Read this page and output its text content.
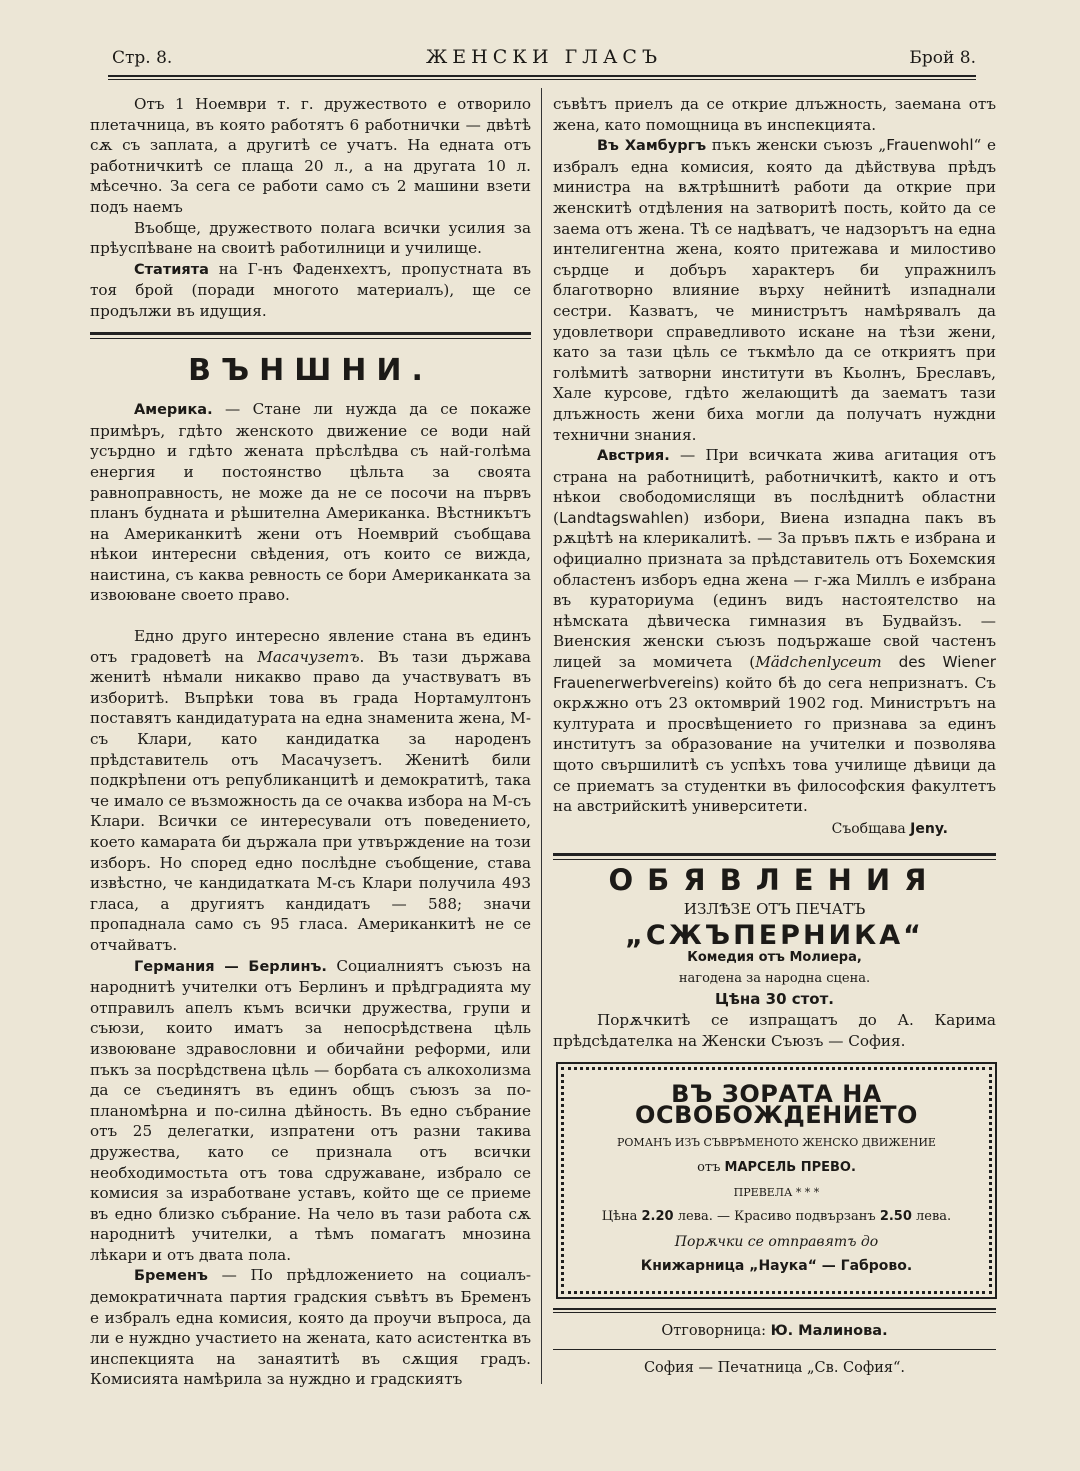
Стр. 8.	ЖЕНСКИ ГЛАСЪ	Брой 8.

Отъ 1 Ноември т. г. дружеството е отворило плетачница, въ която работятъ 6 работнички — двѣтѣ сѫ съ заплата, а другитѣ се учатъ. На едната отъ работничкитѣ се плаща 20 л., а на другата 10 л. мѣсечно. За сега се работи само съ 2 машини взети подъ наемъ

Въобще, дружеството полага всички усилия за прѣуспѣване на своитѣ работилници и училище.

Статията на Г-нъ Фаденхехтъ, пропустната въ тоя брой (поради многото материалъ), ще се продължи въ идущия.

ВЪНШНИ.

Америка. — Стане ли нужда да се покаже примѣръ, гдѣто женското движение се води най усърдно и гдѣто жената прѣслѣдва съ най-голѣма енергия и постоянство цѣльта за своята равноправность, не може да не се посочи на първъ планъ будната и рѣшителна Американка. Вѣстникътъ на Американкитѣ жени отъ Ноемврий съобщава нѣкои интересни свѣдения, отъ които се вижда, наистина, съ каква ревность се бори Американката за извоюване своето право.

Едно друго интересно явление стана въ единъ отъ градоветѣ на Масачузетъ. Въ тази държава женитѣ нѣмали никакво право да участвуватъ въ изборитѣ. Въпрѣки това въ града Нортамултонъ поставятъ кандидатурата на една знаменита жена, М-съ Клари, като кандидатка за народенъ прѣдставитель отъ Масачузетъ. Женитѣ били подкрѣпени отъ републиканцитѣ и демократитѣ, така че имало се възможность да се очаква избора на М-съ Клари. Всички се интересували отъ поведението, което камарата би държала при утвърждение на този изборъ. Но според едно послѣдне съобщение, става извѣстно, че кандидатката М-съ Клари получила 493 гласа, а другиятъ кандидатъ — 588; значи пропаднала само съ 95 гласа. Американкитѣ не се отчайватъ.

Германия — Берлинъ. Социалниятъ съюзъ на народнитѣ учителки отъ Берлинъ и прѣдградията му отправилъ апелъ къмъ всички дружества, групи и съюзи, които иматъ за непосрѣдствена цѣль извоюване здравословни и обичайни реформи, или пъкъ за посрѣдствена цѣль — борбата съ алкохолизма да се съединятъ въ единъ общъ съюзъ за по-планомѣрна и по-силна дѣйность. Въ едно събрание отъ 25 делегатки, изпратени отъ разни такива дружества, като се признала отъ всички необходимостьта отъ това сдружаване, избрало се комисия за изработване уставъ, който ще се приеме въ едно близко събрание. На чело въ тази работа сѫ народнитѣ учителки, а тѣмъ помагатъ мнозина лѣкари и отъ двата пола.

Бременъ — По прѣдложението на социалъ-демократичната партия градския съвѣтъ въ Бременъ е избралъ една комисия, която да проучи въпроса, да ли е нуждно участието на жената, като асистентка въ инспекцията на занаятитѣ въ сѫщия градъ. Комисията намѣрила за нуждно и градскиятъ

съвѣтъ приелъ да се открие длъжность, заемана отъ жена, като помощница въ инспекцията.

Въ Хамбургъ пъкъ женски съюзъ „Frauenwohl“ е избралъ една комисия, която да дѣйствува прѣдъ министра на вѫтрѣшнитѣ работи да открие при женскитѣ отдѣления на затворитѣ пость, който да се заема отъ жена. Тѣ се надѣватъ, че надзорътъ на една интелигентна жена, която притежава и милостиво сърдце и добъръ характеръ би упражнилъ благотворно влияние върху нейнитѣ изпаднали сестри. Казватъ, че министрътъ намѣрявалъ да удовлетвори справедливото искане на тѣзи жени, като за тази цѣль се тъкмѣло да се откриятъ при голѣмитѣ затворни институти въ Кьолнъ, Бреславъ, Хале курсове, гдѣто желающитѣ да заематъ тази длъжность жени биха могли да получатъ нуждни технични знания.

Австрия. — При всичката жива агитация отъ страна на работницитѣ, работничкитѣ, както и отъ нѣкои свободомислящи въ послѣднитѣ областни (Landtagswahlen) избори, Виена изпадна пакъ въ рѫцѣтѣ на клерикалитѣ. — За пръвъ пѫть е избрана и официално призната за прѣдставитель отъ Бохемския областенъ изборъ една жена — г-жа Миллъ е избрана въ кураториума (единъ видъ настоятелство на нѣмската дѣвическа гимназия въ Будвайзъ. — Виенския женски съюзъ подържаше свой частенъ лицей за момичета (Mädchenlyceum des Wiener Frauenerwerbvereins) който бѣ до сега непризнатъ. Съ окрѫжно отъ 23 октомврий 1902 год. Министрътъ на културата и просвѣщението го признава за единъ институтъ за образование на учителки и позволява щото свършилитѣ съ успѣхъ това училище дѣвици да се приематъ за студентки въ философския факултетъ на австрийскитѣ университети.

Съобщава Jeny.
ОБЯВЛЕНИЯ
ИЗЛѢЗЕ ОТЪ ПЕЧАТЪ
„СЖЪПЕРНИКА“
Комедия отъ Молиера,
нагодена за народна сцена.
Цѣна 30 стот.

Порѫчкитѣ се изпращатъ до А. Карима прѣдсѣдателка на Женски Съюзъ — София.

ВЪ ЗОРАТА НА ОСВОБОЖДЕНИЕТО
РОМАНЪ ИЗЪ СЪВРѢМЕНОТО ЖЕНСКО ДВИЖЕНИЕ
отъ МАРСЕЛЬ ПРЕВО.
ПРЕВЕЛА * * *
Цѣна 2.20 лева. — Красиво подвързанъ 2.50 лева.
Порѫчки се отправятъ до
Книжарница „Наука“ — Габрово.
Отговорница: Ю. Малинова.
София — Печатница „Св. София“.
